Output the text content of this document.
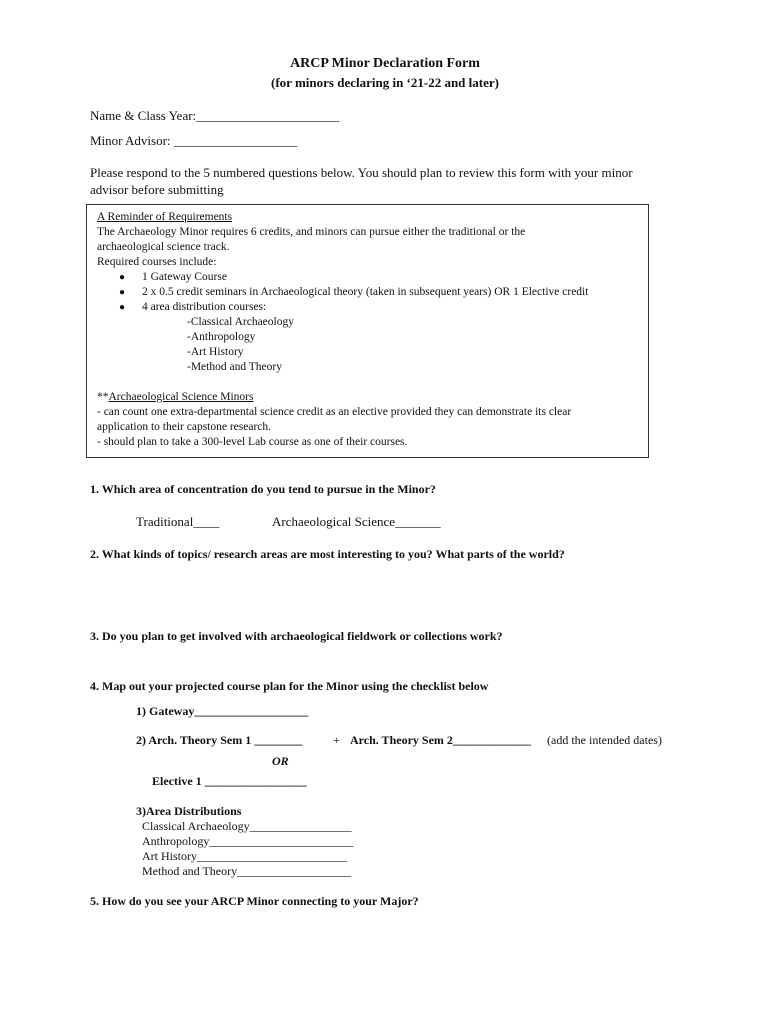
ARCP Minor Declaration Form
(for minors declaring in ‘21-22 and later)
Name & Class Year:______________________
Minor Advisor: ___________________
Please respond to the 5 numbered questions below. You should plan to review this form with your minor
advisor before submitting
A Reminder of Requirements
The Archaeology Minor requires 6 credits, and minors can pursue either the traditional or the
archaeological science track.
Required courses include:
● 1 Gateway Course
● 2 x 0.5 credit seminars in Archaeological theory (taken in subsequent years) OR 1 Elective credit
● 4 area distribution courses:
-Classical Archaeology
-Anthropology
-Art History
-Method and Theory
**Archaeological Science Minors
- can count one extra-departmental science credit as an elective provided they can demonstrate its clear
application to their capstone research.
- should plan to take a 300-level Lab course as one of their courses.
1. Which area of concentration do you tend to pursue in the Minor?
Traditional____	Archaeological Science_______
2. What kinds of topics/ research areas are most interesting to you? What parts of the world?
3. Do you plan to get involved with archaeological fieldwork or collections work?
4. Map out your projected course plan for the Minor using the checklist below
1) Gateway___________________
2) Arch. Theory Sem 1 ________	+ Arch. Theory Sem 2_____________ (add the intended dates)
OR
Elective 1 _________________
3)Area Distributions
Classical Archaeology_________________
Anthropology________________________
Art History_________________________
Method and Theory___________________
5. How do you see your ARCP Minor connecting to your Major?
